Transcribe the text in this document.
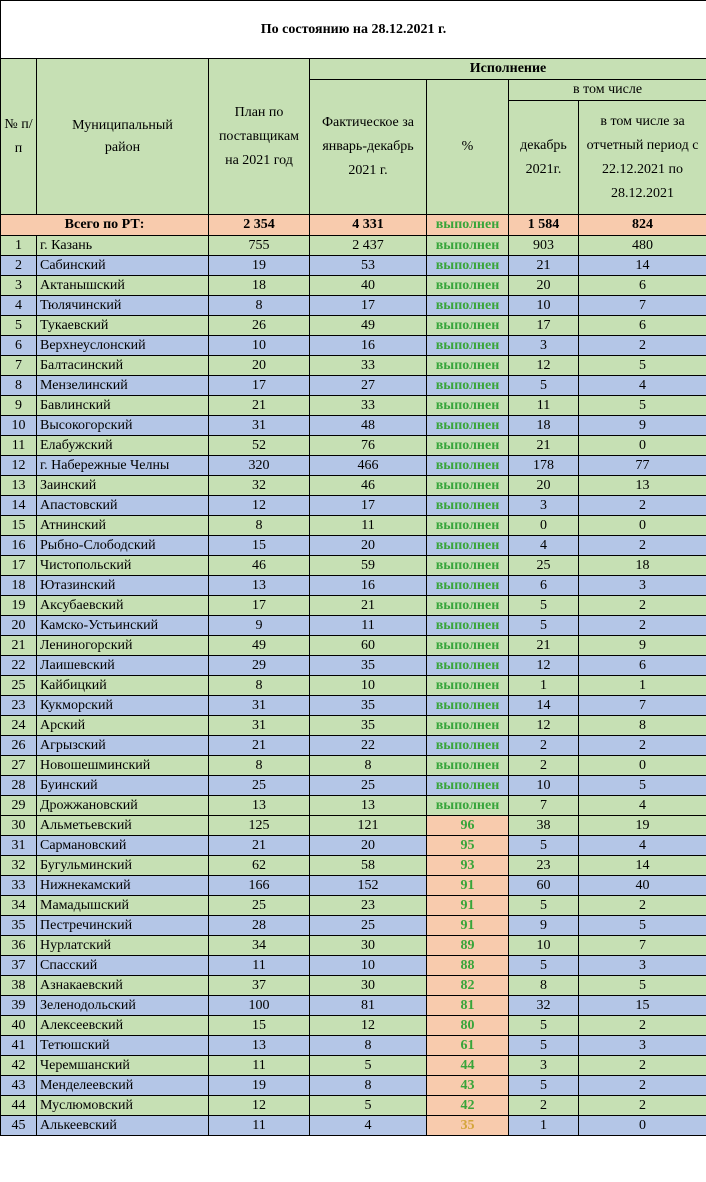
По состоянию на 28.12.2021 г.						
№ п/п	Муниципальный район	План по поставщикам на 2021 год	Исполнение			
			Фактическое за январь-декабрь 2021 г.	%	в том числе	
					декабрь 2021г.	в том числе за отчетный период с 22.12.2021 по 28.12.2021
Всего по РТ:		2 354	4 331	выполнен	1 584	824
1	г. Казань	755	2 437	выполнен	903	480
2	Сабинский	19	53	выполнен	21	14
3	Актанышский	18	40	выполнен	20	6
4	Тюлячинский	8	17	выполнен	10	7
5	Тукаевский	26	49	выполнен	17	6
6	Верхнеуслонский	10	16	выполнен	3	2
7	Балтасинский	20	33	выполнен	12	5
8	Мензелинский	17	27	выполнен	5	4
9	Бавлинский	21	33	выполнен	11	5
10	Высокогорский	31	48	выполнен	18	9
11	Елабужский	52	76	выполнен	21	0
12	г. Набережные Челны	320	466	выполнен	178	77
13	Заинский	32	46	выполнен	20	13
14	Апастовский	12	17	выполнен	3	2
15	Атнинский	8	11	выполнен	0	0
16	Рыбно-Слободский	15	20	выполнен	4	2
17	Чистопольский	46	59	выполнен	25	18
18	Ютазинский	13	16	выполнен	6	3
19	Аксубаевский	17	21	выполнен	5	2
20	Камско-Устьинский	9	11	выполнен	5	2
21	Лениногорский	49	60	выполнен	21	9
22	Лаишевский	29	35	выполнен	12	6
25	Кайбицкий	8	10	выполнен	1	1
23	Кукморский	31	35	выполнен	14	7
24	Арский	31	35	выполнен	12	8
26	Агрызский	21	22	выполнен	2	2
27	Новошешминский	8	8	выполнен	2	0
28	Буинский	25	25	выполнен	10	5
29	Дрожжановский	13	13	выполнен	7	4
30	Альметьевский	125	121	96	38	19
31	Сармановский	21	20	95	5	4
32	Бугульминский	62	58	93	23	14
33	Нижнекамский	166	152	91	60	40
34	Мамадышский	25	23	91	5	2
35	Пестречинский	28	25	91	9	5
36	Нурлатский	34	30	89	10	7
37	Спасский	11	10	88	5	3
38	Азнакаевский	37	30	82	8	5
39	Зеленодольский	100	81	81	32	15
40	Алексеевский	15	12	80	5	2
41	Тетюшский	13	8	61	5	3
42	Черемшанский	11	5	44	3	2
43	Менделеевский	19	8	43	5	2
44	Муслюмовский	12	5	42	2	2
45	Алькеевский	11	4	35	1	0
